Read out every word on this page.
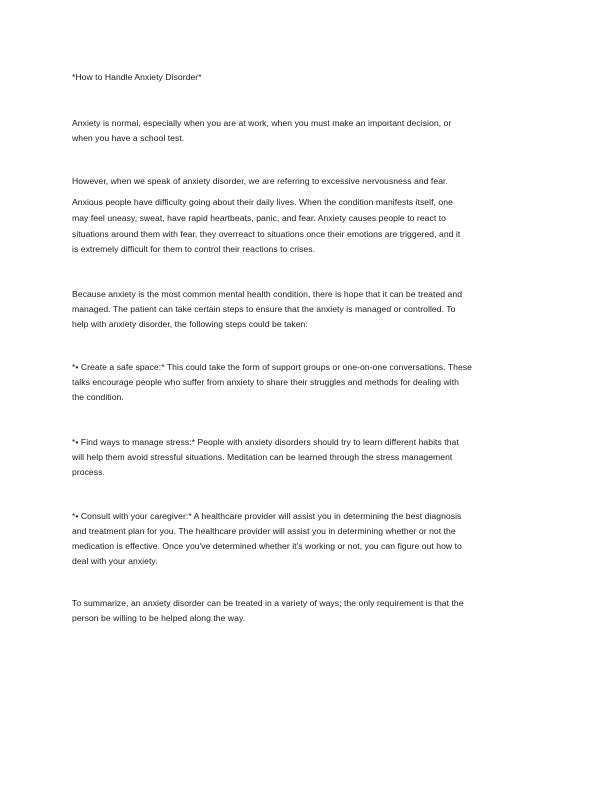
*How to Handle Anxiety Disorder*
Anxiety is normal, especially when you are at work, when you must make an important decision, or
when you have a school test.
However, when we speak of anxiety disorder, we are referring to excessive nervousness and fear.
Anxious people have difficulty going about their daily lives. When the condition manifests itself, one
may feel uneasy, sweat, have rapid heartbeats, panic, and fear. Anxiety causes people to react to
situations around them with fear, they overreact to situations once their emotions are triggered, and it
is extremely difficult for them to control their reactions to crises.
Because anxiety is the most common mental health condition, there is hope that it can be treated and
managed. The patient can take certain steps to ensure that the anxiety is managed or controlled. To
help with anxiety disorder, the following steps could be taken:
*• Create a safe space:* This could take the form of support groups or one-on-one conversations. These
talks encourage people who suffer from anxiety to share their struggles and methods for dealing with
the condition.
*• Find ways to manage stress:* People with anxiety disorders should try to learn different habits that
will help them avoid stressful situations. Meditation can be learned through the stress management
process.
*• Consult with your caregiver:* A healthcare provider will assist you in determining the best diagnosis
and treatment plan for you. The healthcare provider will assist you in determining whether or not the
medication is effective. Once you've determined whether it's working or not, you can figure out how to
deal with your anxiety.
To summarize, an anxiety disorder can be treated in a variety of ways; the only requirement is that the
person be willing to be helped along the way.
